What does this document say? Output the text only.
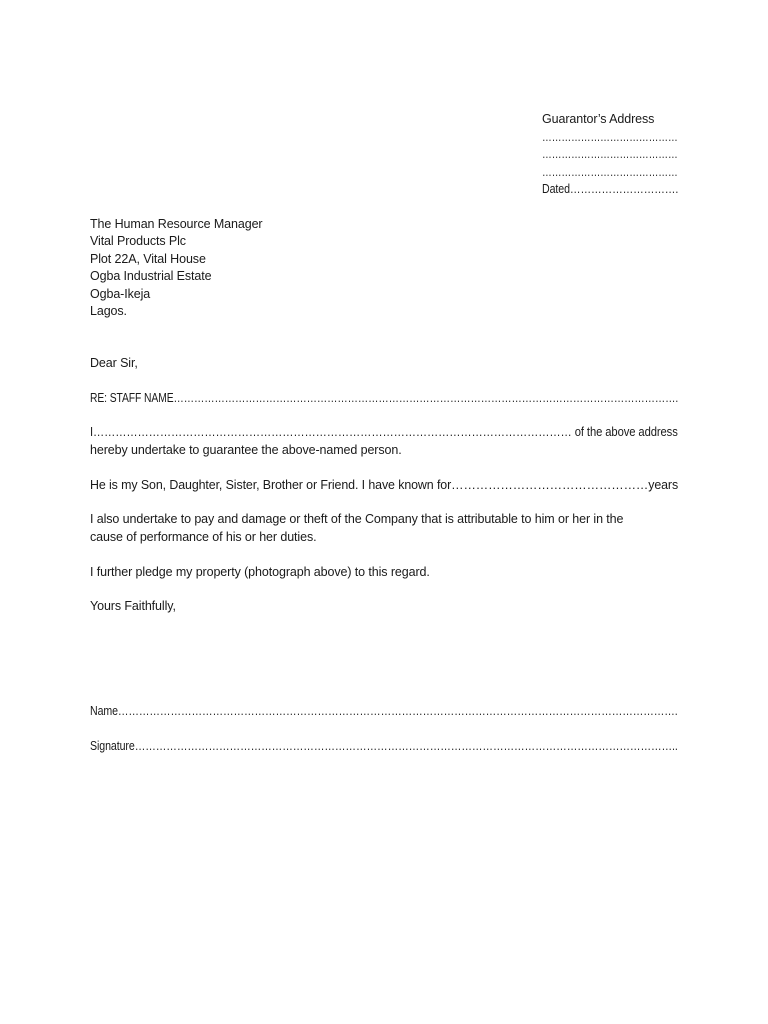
Guarantor’s Address
……………………………………
……………………………………
……………………………………
Dated………………………….
The Human Resource Manager
Vital Products Plc
Plot 22A, Vital House
Ogba Industrial Estate
Ogba-Ikeja
Lagos.
Dear Sir,
RE: STAFF NAME………………………………………………………………………………………………………………………………….
I………………………………………………………………………………………………………………… of the above address
hereby undertake to guarantee the above-named person.
He is my Son, Daughter, Sister, Brother or Friend. I have known for…………………………………………years
I also undertake to pay and damage or theft of the Company that is attributable to him or her in the
cause of performance of his or her duties.
I further pledge my property (photograph above) to this regard.
Yours Faithfully,
Name…………………………………………………………………………………………………………………………………………….
Signature………………………………………………………………………………………………………………………………………..
